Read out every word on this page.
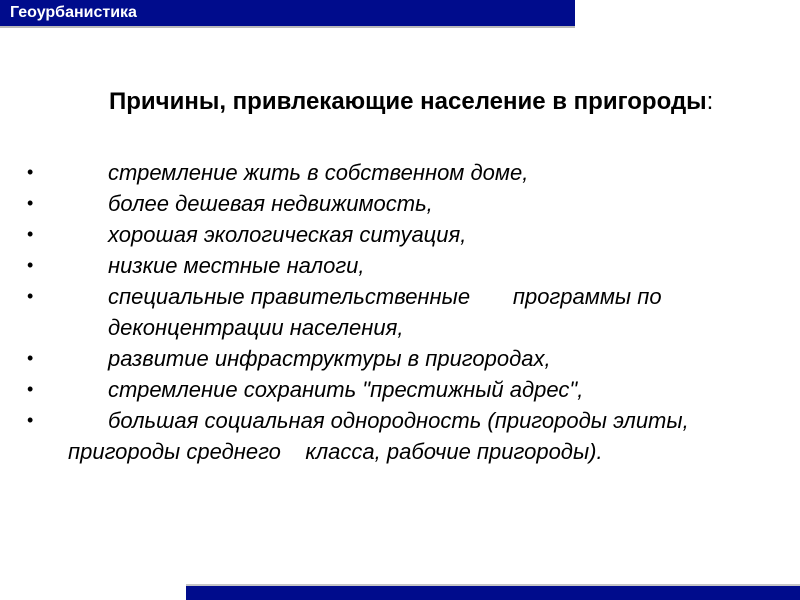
Геоурбанистика
Причины, привлекающие население в пригороды:
•	стремление жить в собственном доме,
•	более дешевая недвижимость,
•	хорошая экологическая ситуация,
•	низкие местные налоги,
•	специальные правительственные       программы по деконцентрации населения,
•	развитие инфраструктуры в пригородах,
•	стремление сохранить "престижный адрес",
•	большая социальная однородность (пригороды элиты,    пригороды среднего    класса, рабочие пригороды).
